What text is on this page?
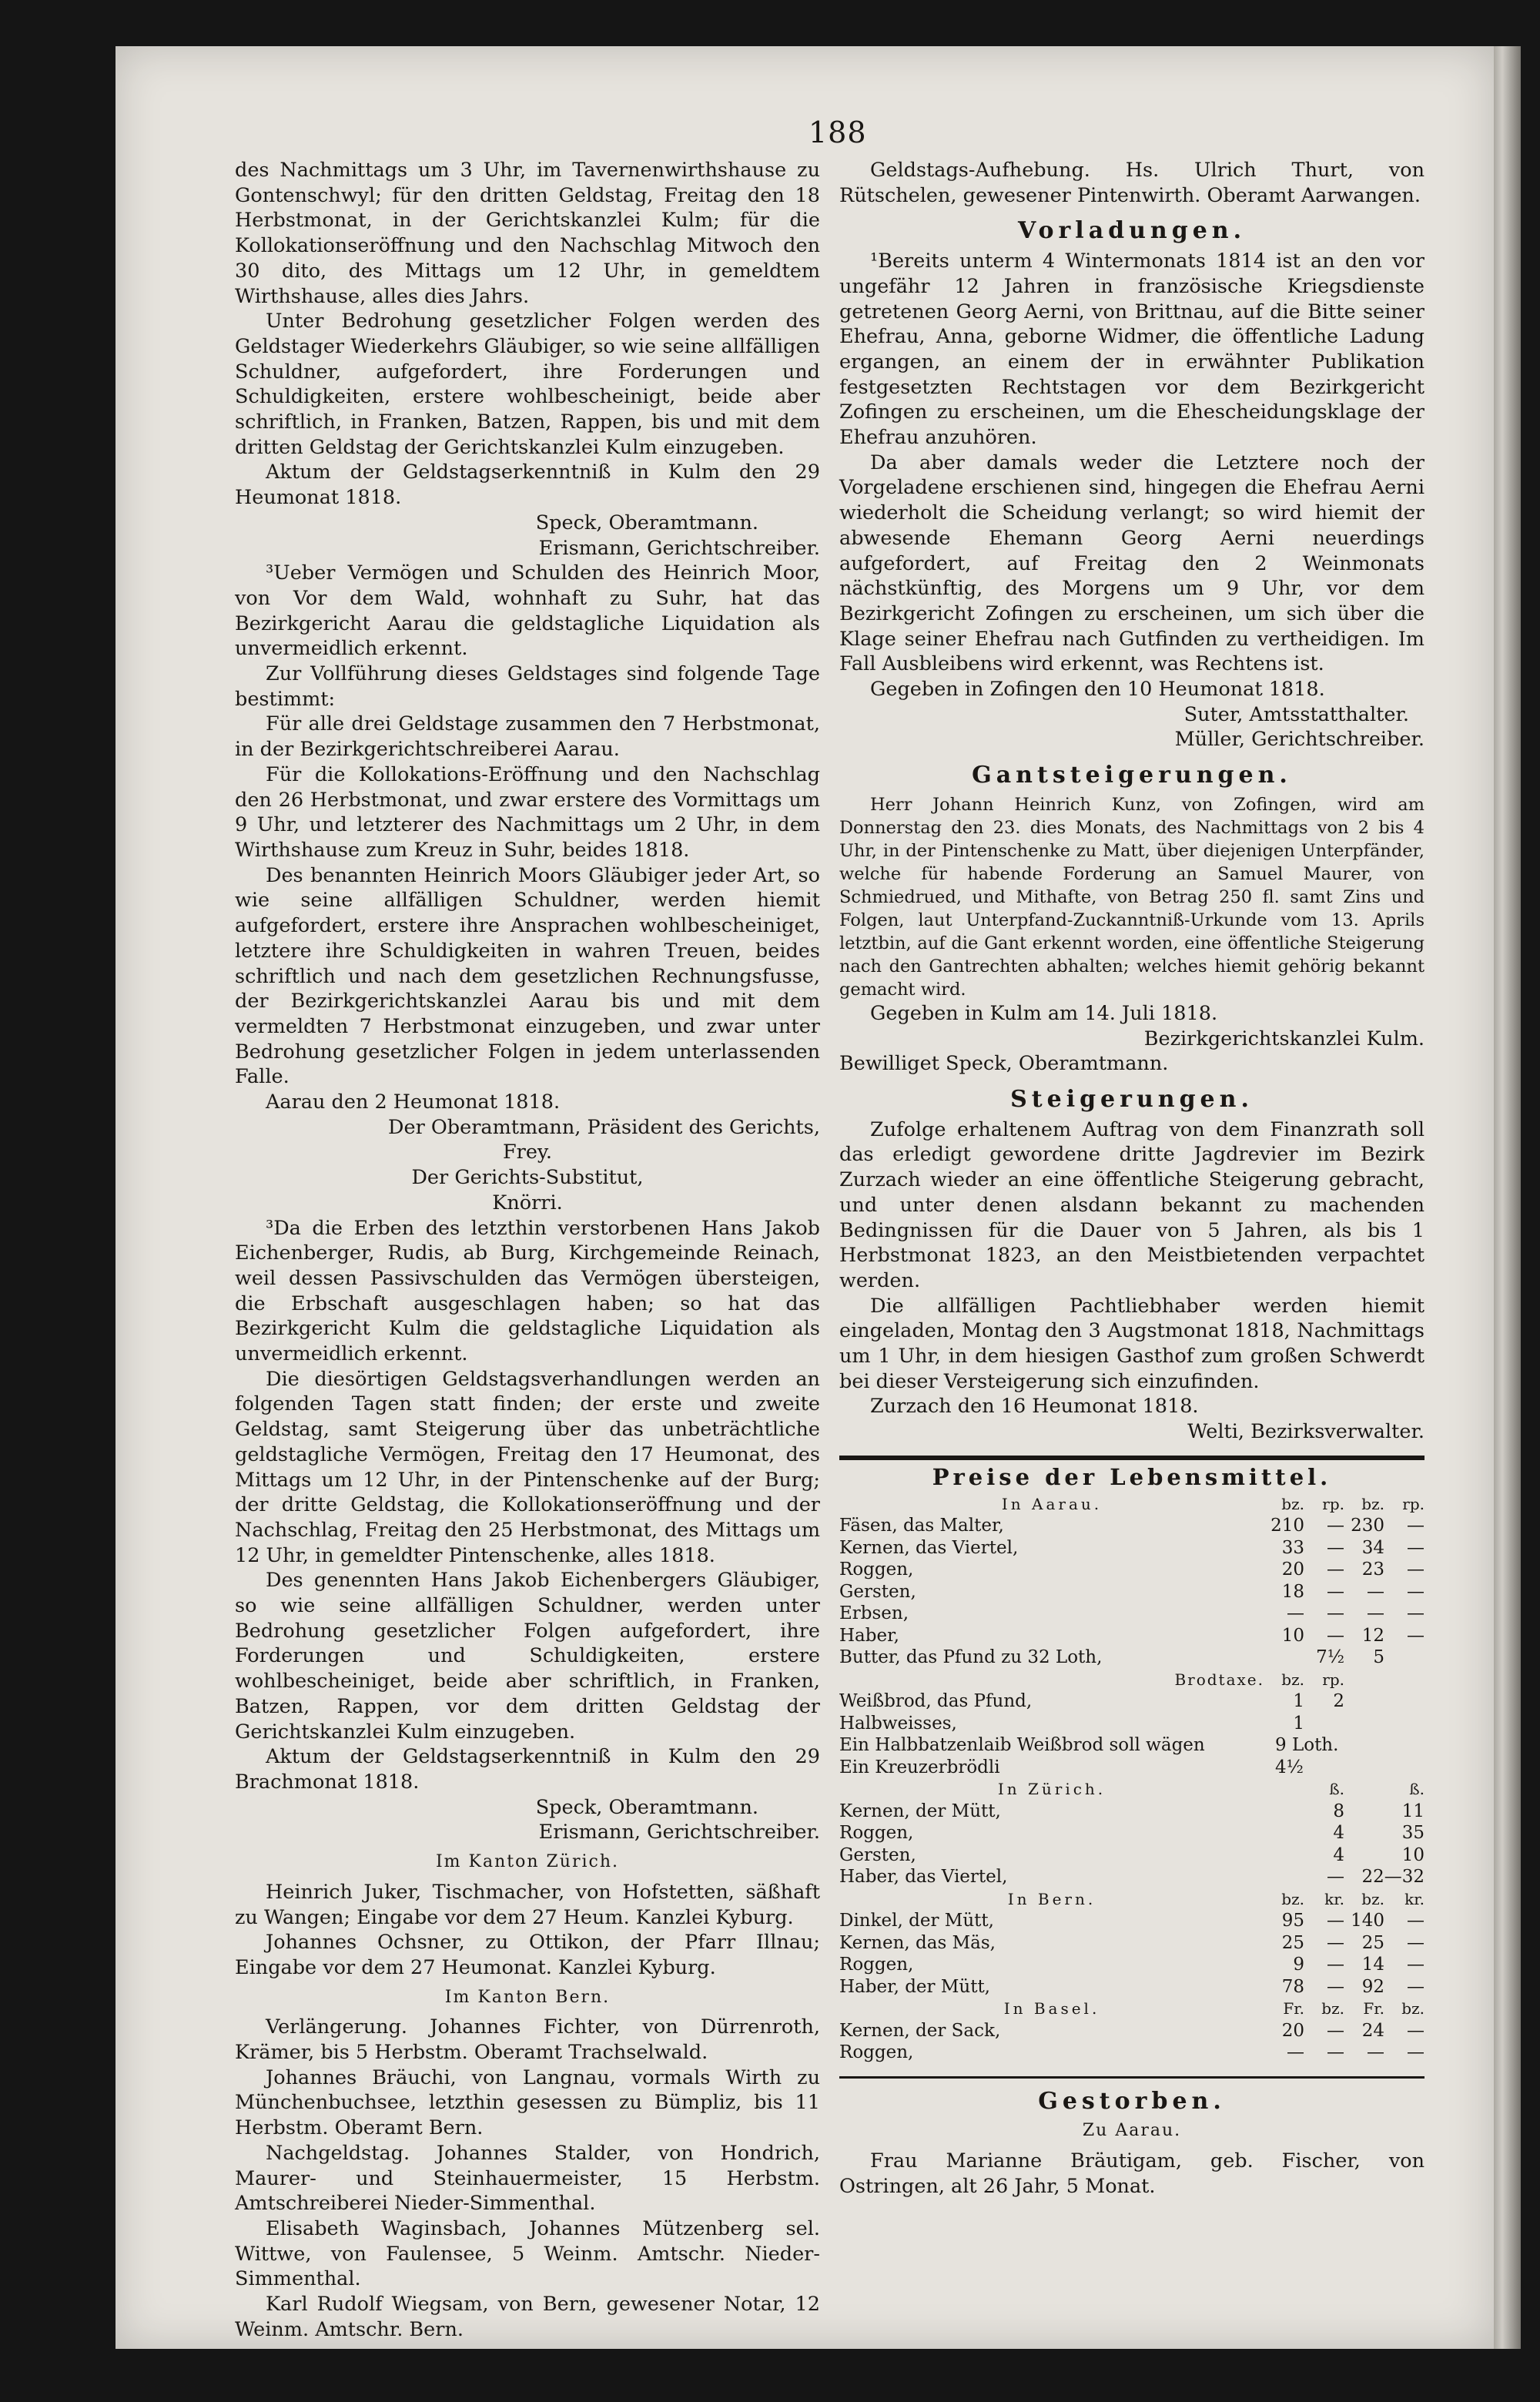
188

des Nachmittags um 3 Uhr, im Tavernenwirthshause zu Gontenschwyl; für den dritten Geldstag, Freitag den 18 Herbstmonat, in der Gerichtskanzlei Kulm; für die Kollokationseröffnung und den Nachschlag Mitwoch den 30 dito, des Mittags um 12 Uhr, in gemeldtem Wirthshause, alles dies Jahrs.

Unter Bedrohung gesetzlicher Folgen werden des Geldstager Wiederkehrs Gläubiger, so wie seine allfälligen Schuldner, aufgefordert, ihre Forderungen und Schuldigkeiten, erstere wohlbescheinigt, beide aber schriftlich, in Franken, Batzen, Rappen, bis und mit dem dritten Geldstag der Gerichtskanzlei Kulm einzugeben.

Aktum der Geldstagserkenntniß in Kulm den 29 Heumonat 1818.

Speck, Oberamtmann.

Erismann, Gerichtschreiber.

³Ueber Vermögen und Schulden des Heinrich Moor, von Vor dem Wald, wohnhaft zu Suhr, hat das Bezirkgericht Aarau die geldstagliche Liquidation als unvermeidlich erkennt.

Zur Vollführung dieses Geldstages sind folgende Tage bestimmt:

Für alle drei Geldstage zusammen den 7 Herbstmonat, in der Bezirkgerichtschreiberei Aarau.

Für die Kollokations-Eröffnung und den Nachschlag den 26 Herbstmonat, und zwar erstere des Vormittags um 9 Uhr, und letzterer des Nachmittags um 2 Uhr, in dem Wirthshause zum Kreuz in Suhr, beides 1818.

Des benannten Heinrich Moors Gläubiger jeder Art, so wie seine allfälligen Schuldner, werden hiemit aufgefordert, erstere ihre Ansprachen wohlbescheiniget, letztere ihre Schuldigkeiten in wahren Treuen, beides schriftlich und nach dem gesetzlichen Rechnungsfusse, der Bezirkgerichtskanzlei Aarau bis und mit dem vermeldten 7 Herbstmonat einzugeben, und zwar unter Bedrohung gesetzlicher Folgen in jedem unterlassenden Falle.

Aarau den 2 Heumonat 1818.

Der Oberamtmann, Präsident des Gerichts,

Frey.

Der Gerichts-Substitut,

Knörri.

³Da die Erben des letzthin verstorbenen Hans Jakob Eichenberger, Rudis, ab Burg, Kirchgemeinde Reinach, weil dessen Passivschulden das Vermögen übersteigen, die Erbschaft ausgeschlagen haben; so hat das Bezirkgericht Kulm die geldstagliche Liquidation als unvermeidlich erkennt.

Die diesörtigen Geldstagsverhandlungen werden an folgenden Tagen statt finden; der erste und zweite Geldstag, samt Steigerung über das unbeträchtliche geldstagliche Vermögen, Freitag den 17 Heumonat, des Mittags um 12 Uhr, in der Pintenschenke auf der Burg; der dritte Geldstag, die Kollokationseröffnung und der Nachschlag, Freitag den 25 Herbstmonat, des Mittags um 12 Uhr, in gemeldter Pintenschenke, alles 1818.

Des genennten Hans Jakob Eichenbergers Gläubiger, so wie seine allfälligen Schuldner, werden unter Bedrohung gesetzlicher Folgen aufgefordert, ihre Forderungen und Schuldigkeiten, erstere wohlbescheiniget, beide aber schriftlich, in Franken, Batzen, Rappen, vor dem dritten Geldstag der Gerichtskanzlei Kulm einzugeben.

Aktum der Geldstagserkenntniß in Kulm den 29 Brachmonat 1818.

Speck, Oberamtmann.

Erismann, Gerichtschreiber.

Im Kanton Zürich.

Heinrich Juker, Tischmacher, von Hofstetten, säßhaft zu Wangen; Eingabe vor dem 27 Heum. Kanzlei Kyburg.

Johannes Ochsner, zu Ottikon, der Pfarr Illnau; Eingabe vor dem 27 Heumonat. Kanzlei Kyburg.

Im Kanton Bern.

Verlängerung. Johannes Fichter, von Dürrenroth, Krämer, bis 5 Herbstm. Oberamt Trachselwald.

Johannes Bräuchi, von Langnau, vormals Wirth zu Münchenbuchsee, letzthin gesessen zu Bümpliz, bis 11 Herbstm. Oberamt Bern.

Nachgeldstag. Johannes Stalder, von Hondrich, Maurer- und Steinhauermeister, 15 Herbstm. Amtschreiberei Nieder-Simmenthal.

Elisabeth Waginsbach, Johannes Mützenberg sel. Wittwe, von Faulensee, 5 Weinm. Amtschr. Nieder-Simmenthal.

Karl Rudolf Wiegsam, von Bern, gewesener Notar, 12 Weinm. Amtschr. Bern.

Geldstags-Aufhebung. Hs. Ulrich Thurt, von Rütschelen, gewesener Pintenwirth. Oberamt Aarwangen.

Vorladungen.

¹Bereits unterm 4 Wintermonats 1814 ist an den vor ungefähr 12 Jahren in französische Kriegsdienste getretenen Georg Aerni, von Brittnau, auf die Bitte seiner Ehefrau, Anna, geborne Widmer, die öffentliche Ladung ergangen, an einem der in erwähnter Publikation festgesetzten Rechtstagen vor dem Bezirkgericht Zofingen zu erscheinen, um die Ehescheidungsklage der Ehefrau anzuhören.

Da aber damals weder die Letztere noch der Vorgeladene erschienen sind, hingegen die Ehefrau Aerni wiederholt die Scheidung verlangt; so wird hiemit der abwesende Ehemann Georg Aerni neuerdings aufgefordert, auf Freitag den 2 Weinmonats nächstkünftig, des Morgens um 9 Uhr, vor dem Bezirkgericht Zofingen zu erscheinen, um sich über die Klage seiner Ehefrau nach Gutfinden zu vertheidigen. Im Fall Ausbleibens wird erkennt, was Rechtens ist.

Gegeben in Zofingen den 10 Heumonat 1818.

Suter, Amtsstatthalter.

Müller, Gerichtschreiber.

Gantsteigerungen.

Herr Johann Heinrich Kunz, von Zofingen, wird am Donnerstag den 23. dies Monats, des Nachmittags von 2 bis 4 Uhr, in der Pintenschenke zu Matt, über diejenigen Unterpfänder, welche für habende Forderung an Samuel Maurer, von Schmiedrued, und Mithafte, von Betrag 250 fl. samt Zins und Folgen, laut Unterpfand-Zuckanntniß-Urkunde vom 13. Aprils letztbin, auf die Gant erkennt worden, eine öffentliche Steigerung nach den Gantrechten abhalten; welches hiemit gehörig bekannt gemacht wird.

Gegeben in Kulm am 14. Juli 1818.

Bezirkgerichtskanzlei Kulm.

Bewilliget Speck, Oberamtmann.

Steigerungen.

Zufolge erhaltenem Auftrag von dem Finanzrath soll das erledigt gewordene dritte Jagdrevier im Bezirk Zurzach wieder an eine öffentliche Steigerung gebracht, und unter denen alsdann bekannt zu machenden Bedingnissen für die Dauer von 5 Jahren, als bis 1 Herbstmonat 1823, an den Meistbietenden verpachtet werden.

Die allfälligen Pachtliebhaber werden hiemit eingeladen, Montag den 3 Augstmonat 1818, Nachmittags um 1 Uhr, in dem hiesigen Gasthof zum großen Schwerdt bei dieser Versteigerung sich einzufinden.

Zurzach den 16 Heumonat 1818.

Welti, Bezirksverwalter.

Preise der Lebensmittel.

In Aarau.	bz.	rp.	bz.	rp.
Fäsen, das Malter,	210	—	230	—
Kernen, das Viertel,	33	—	34	—
Roggen,	20	—	23	—
Gersten,	18	—	—	—
Erbsen,	—	—	—	—
Haber,	10	—	12	—
Butter, das Pfund zu 32 Loth,		7½	5	
Brodtaxe.	bz.	rp.		
Weißbrod, das Pfund,	1	2		
Halbweisses,	1			
Ein Halbbatzenlaib Weißbrod soll wägen	9 Loth.			
Ein Kreuzerbrödli	4½			
In Zürich.		ß.		ß.
Kernen, der Mütt,		8		11
Roggen,		4		35
Gersten,		4		10
Haber, das Viertel,		—	22—32	
In Bern.	bz.	kr.	bz.	kr.
Dinkel, der Mütt,	95	—	140	—
Kernen, das Mäs,	25	—	25	—
Roggen,	9	—	14	—
Haber, der Mütt,	78	—	92	—
In Basel.	Fr.	bz.	Fr.	bz.
Kernen, der Sack,	20	—	24	—
Roggen,	—	—	—	—

Gestorben.

Zu Aarau.

Frau Marianne Bräutigam, geb. Fischer, von Ostringen, alt 26 Jahr, 5 Monat.
